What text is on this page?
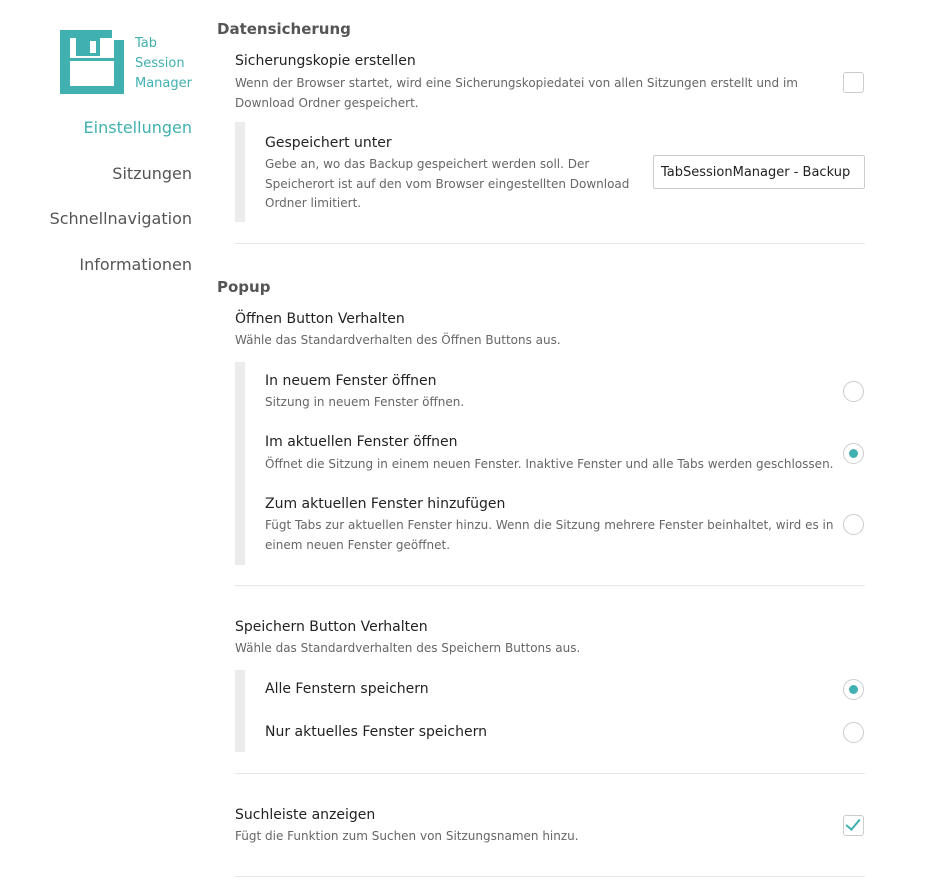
Tab
Session
Manager
Einstellungen
Sitzungen
Schnellnavigation
Informationen
Datensicherung
Sicherungskopie erstellen
Wenn der Browser startet, wird eine Sicherungskopiedatei von allen Sitzungen erstellt und im
Download Ordner gespeichert.
Gespeichert unter
Gebe an, wo das Backup gespeichert werden soll. Der
Speicherort ist auf den vom Browser eingestellten Download
Ordner limitiert.
TabSessionManager - Backup
Popup
Öffnen Button Verhalten
Wähle das Standardverhalten des Öffnen Buttons aus.
In neuem Fenster öffnen
Sitzung in neuem Fenster öffnen.
Im aktuellen Fenster öffnen
Öffnet die Sitzung in einem neuen Fenster. Inaktive Fenster und alle Tabs werden geschlossen.
Zum aktuellen Fenster hinzufügen
Fügt Tabs zur aktuellen Fenster hinzu. Wenn die Sitzung mehrere Fenster beinhaltet, wird es in
einem neuen Fenster geöffnet.
Speichern Button Verhalten
Wähle das Standardverhalten des Speichern Buttons aus.
Alle Fenstern speichern
Nur aktuelles Fenster speichern
Suchleiste anzeigen
Fügt die Funktion zum Suchen von Sitzungsnamen hinzu.
